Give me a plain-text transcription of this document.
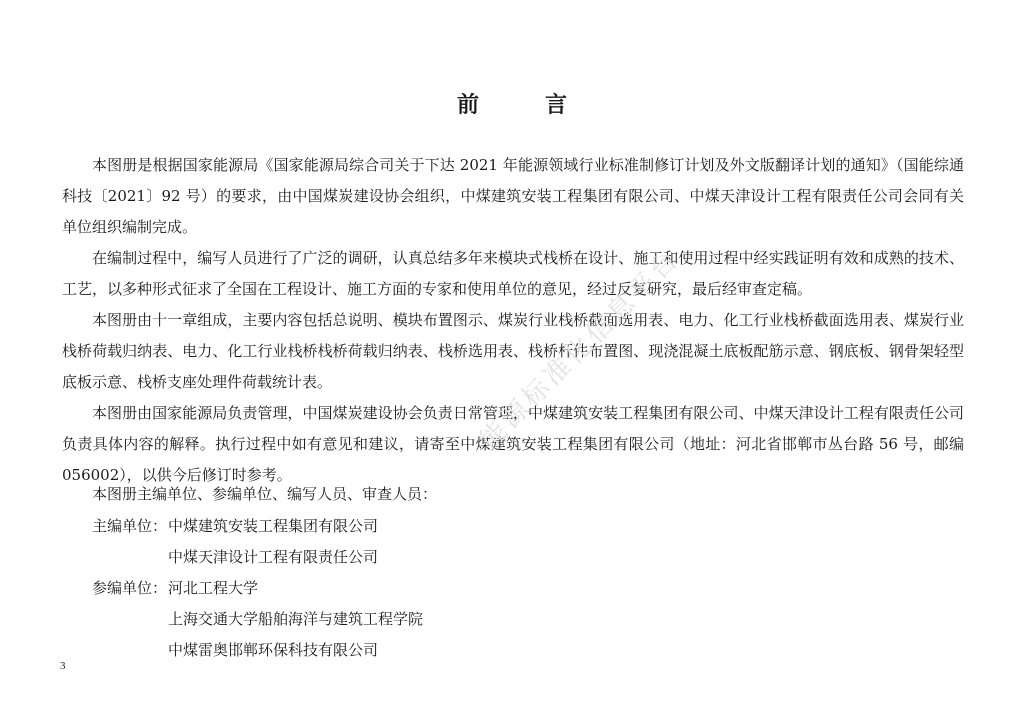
前　言

本图册是根据国家能源局《国家能源局综合司关于下达 2021 年能源领域行业标准制修订计划及外文版翻译计划的通知》（国能综通科技〔2021〕92 号）的要求，由中国煤炭建设协会组织，中煤建筑安装工程集团有限公司、中煤天津设计工程有限责任公司会同有关单位组织编制完成。

在编制过程中，编写人员进行了广泛的调研，认真总结多年来模块式栈桥在设计、施工和使用过程中经实践证明有效和成熟的技术、工艺，以多种形式征求了全国在工程设计、施工方面的专家和使用单位的意见，经过反复研究，最后经审查定稿。

本图册由十一章组成，主要内容包括总说明、模块布置图示、煤炭行业栈桥截面选用表、电力、化工行业栈桥截面选用表、煤炭行业栈桥荷载归纳表、电力、化工行业栈桥栈桥荷载归纳表、栈桥选用表、栈桥杆件布置图、现浇混凝土底板配筋示意、钢底板、钢骨架轻型底板示意、栈桥支座处理件荷载统计表。

本图册由国家能源局负责管理，中国煤炭建设协会负责日常管理，中煤建筑安装工程集团有限公司、中煤天津设计工程有限责任公司负责具体内容的解释。执行过程中如有意见和建议，请寄至中煤建筑安装工程集团有限公司（地址：河北省邯郸市丛台路 56 号，邮编 056002），以供今后修订时参考。

本图册主编单位、参编单位、编写人员、审查人员：
主编单位： 中煤建筑安装工程集团有限公司
中煤天津设计工程有限责任公司
参编单位： 河北工程大学
上海交通大学船舶海洋与建筑工程学院
中煤雷奥邯郸环保科技有限公司
3
能源标准化信息平台
